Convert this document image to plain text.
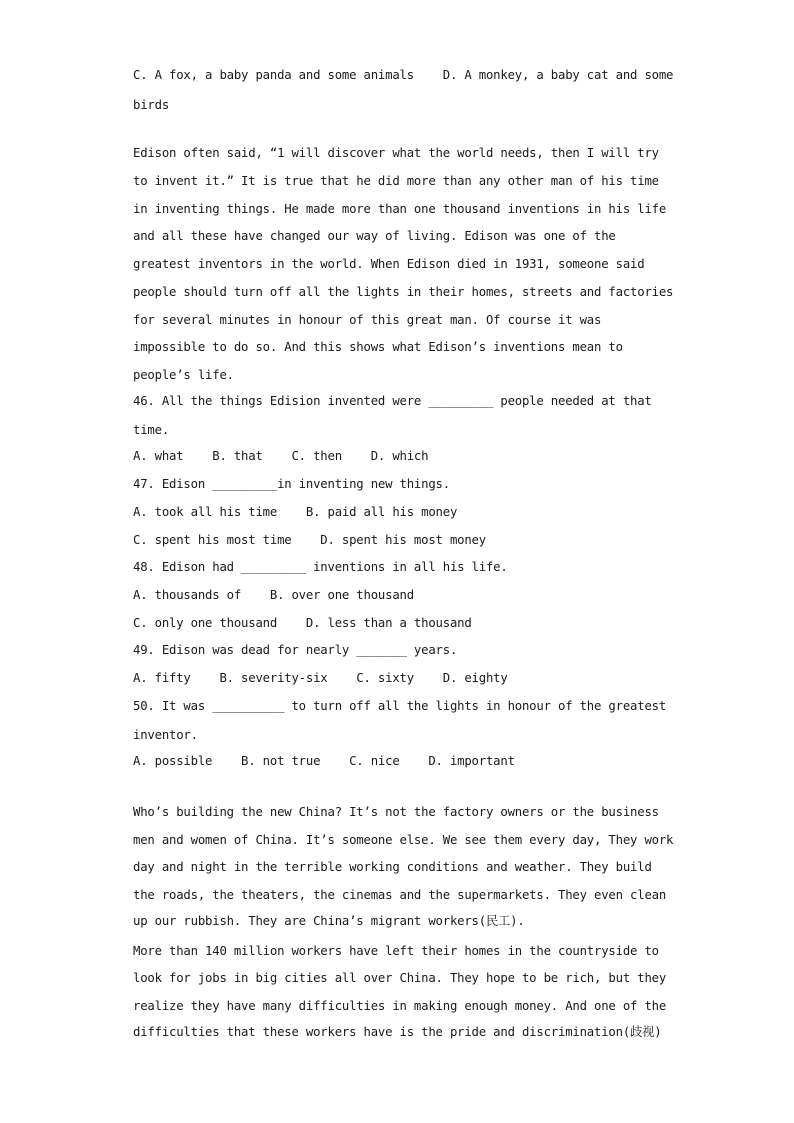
C. A fox, a baby panda and some animals    D. A monkey, a baby cat and some
birds
Edison often said, “1 will discover what the world needs, then I will try
to invent it.” It is true that he did more than any other man of his time
in inventing things. He made more than one thousand inventions in his life
and all these have changed our way of living. Edison was one of the
greatest inventors in the world. When Edison died in 1931, someone said
people should turn off all the lights in their homes, streets and factories
for several minutes in honour of this great man. Of course it was
impossible to do so. And this shows what Edison’s inventions mean to
people’s life.
46. All the things Edision invented were _________ people needed at that
time.
A. what    B. that    C. then    D. which
47. Edison _________in inventing new things.
A. took all his time    B. paid all his money
C. spent his most time    D. spent his most money
48. Edison had _________ inventions in all his life.
A. thousands of    B. over one thousand
C. only one thousand    D. less than a thousand
49. Edison was dead for nearly _______ years.
A. fifty    B. severity-six    C. sixty    D. eighty
50. It was __________ to turn off all the lights in honour of the greatest
inventor.
A. possible    B. not true    C. nice    D. important
Who’s building the new China? It’s not the factory owners or the business
men and women of China. It’s someone else. We see them every day, They work
day and night in the terrible working conditions and weather. They build
the roads, the theaters, the cinemas and the supermarkets. They even clean
up our rubbish. They are China’s migrant workers(民工).
More than 140 million workers have left their homes in the countryside to
look for jobs in big cities all over China. They hope to be rich, but they
realize they have many difficulties in making enough money. And one of the
difficulties that these workers have is the pride and discrimination(歧视)
